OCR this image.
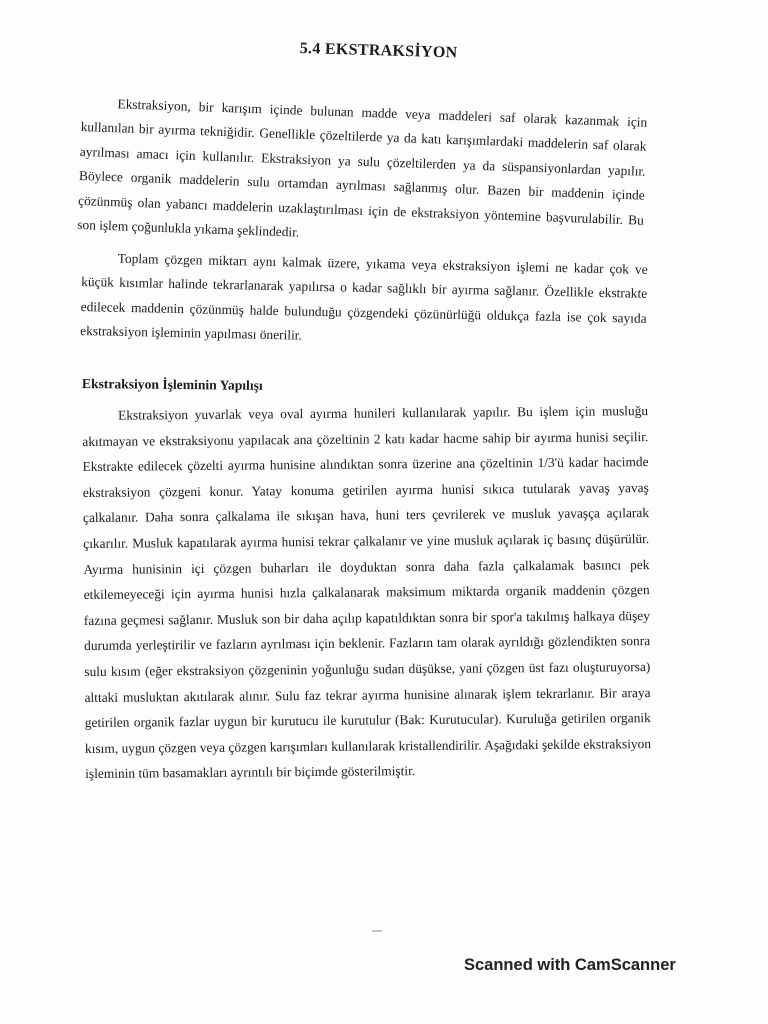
5.4 EKSTRAKSİYON

Ekstraksiyon, bir karışım içinde bulunan madde veya maddeleri saf olarak kazanmak için kullanılan bir ayırma tekniğidir. Genellikle çözeltilerde ya da katı karışımlardaki maddelerin saf olarak ayrılması amacı için kullanılır. Ekstraksiyon ya sulu çözeltilerden ya da süspansiyonlardan yapılır. Böylece organik maddelerin sulu ortamdan ayrılması sağlanmış olur. Bazen bir maddenin içinde çözünmüş olan yabancı maddelerin uzaklaştırılması için de ekstraksiyon yöntemine başvurulabilir. Bu son işlem çoğunlukla yıkama şeklindedir.

Toplam çözgen miktarı aynı kalmak üzere, yıkama veya ekstraksiyon işlemi ne kadar çok ve küçük kısımlar halinde tekrarlanarak yapılırsa o kadar sağlıklı bir ayırma sağlanır. Özellikle ekstrakte edilecek maddenin çözünmüş halde bulunduğu çözgendeki çözünürlüğü oldukça fazla ise çok sayıda ekstraksiyon işleminin yapılması önerilir.

Ekstraksiyon İşleminin Yapılışı

Ekstraksiyon yuvarlak veya oval ayırma hunileri kullanılarak yapılır. Bu işlem için musluğu akıtmayan ve ekstraksiyonu yapılacak ana çözeltinin 2 katı kadar hacme sahip bir ayırma hunisi seçilir. Ekstrakte edilecek çözelti ayırma hunisine alındıktan sonra üzerine ana çözeltinin 1/3'ü kadar hacimde ekstraksiyon çözgeni konur. Yatay konuma getirilen ayırma hunisi sıkıca tutularak yavaş yavaş çalkalanır. Daha sonra çalkalama ile sıkışan hava, huni ters çevrilerek ve musluk yavaşça açılarak çıkarılır. Musluk kapatılarak ayırma hunisi tekrar çalkalanır ve yine musluk açılarak iç basınç düşürülür. Ayırma hunisinin içi çözgen buharları ile doyduktan sonra daha fazla çalkalamak basıncı pek etkilemeyeceği için ayırma hunisi hızla çalkalanarak maksimum miktarda organik maddenin çözgen fazına geçmesi sağlanır. Musluk son bir daha açılıp kapatıldıktan sonra bir spor'a takılmış halkaya düşey durumda yerleştirilir ve fazların ayrılması için beklenir. Fazların tam olarak ayrıldığı gözlendikten sonra sulu kısım (eğer ekstraksiyon çözgeninin yoğunluğu sudan düşükse, yani çözgen üst fazı oluşturuyorsa) alttaki musluktan akıtılarak alınır. Sulu faz tekrar ayırma hunisine alınarak işlem tekrarlanır. Bir araya getirilen organik fazlar uygun bir kurutucu ile kurutulur (Bak: Kurutucular). Kuruluğa getirilen organik kısım, uygun çözgen veya çözgen karışımları kullanılarak kristallendirilir. Aşağıdaki şekilde ekstraksiyon işleminin tüm basamakları ayrıntılı bir biçimde gösterilmiştir.

Scanned with CamScanner
